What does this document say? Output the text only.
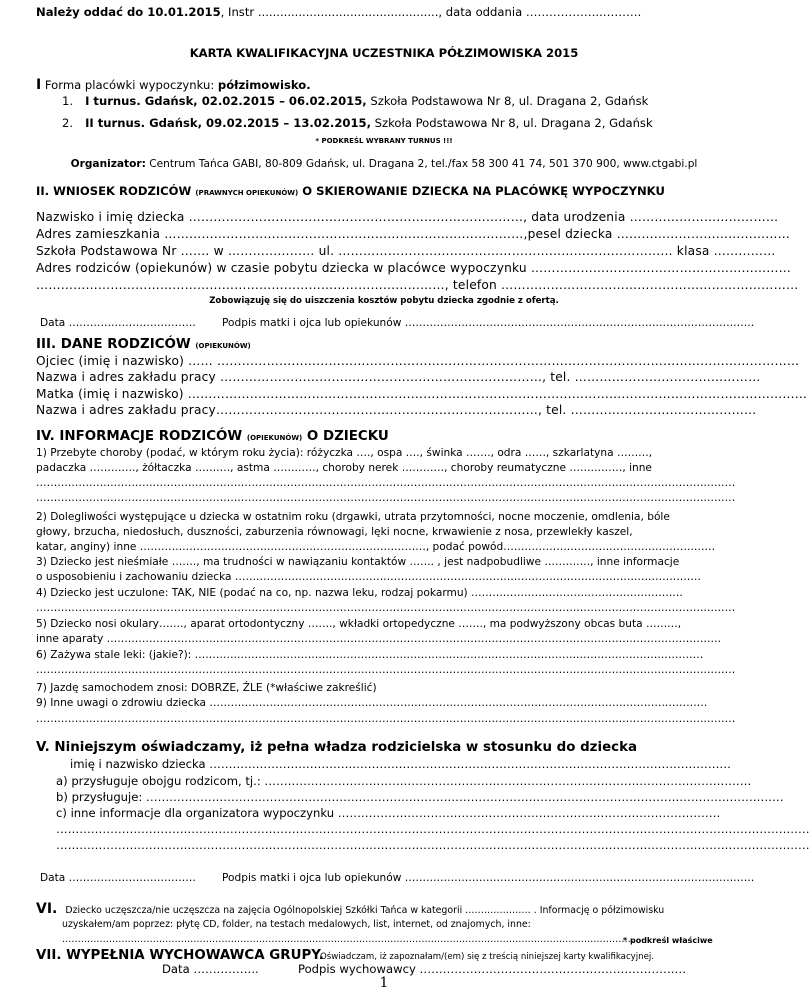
Należy oddać do 10.01.2015, Instr ................................................., data oddania ………………..……….
KARTA KWALIFIKACYJNA UCZESTNIKA PÓŁZIMOWISKA 2015
I Forma placówki wypoczynku: półzimowisko.
1. I turnus. Gdańsk, 02.02.2015 – 06.02.2015, Szkoła Podstawowa Nr 8, ul. Dragana 2, Gdańsk
2. II turnus. Gdańsk, 09.02.2015 – 13.02.2015, Szkoła Podstawowa Nr 8, ul. Dragana 2, Gdańsk
* PODKREŚL WYBRANY TURNUS !!!
Organizator: Centrum Tańca GABI, 80-809 Gdańsk, ul. Dragana 2, tel./fax 58 300 41 74, 501 370 900, www.ctgabi.pl
II. WNIOSEK RODZICÓW (PRAWNYCH OPIEKUNÓW) O SKIEROWANIE DZIECKA NA PLACÓWKĘ WYPOCZYNKU
Nazwisko i imię dziecka ………………………………………………………………………, data urodzenia ………………………………
Adres zamieszkania ……………………………………………………………………………,pesel dziecka ……………………………………
Szkoła Podstawowa Nr ……. w ………………… ul. ……………………………………………………………………… klasa ……………
Adres rodziców (opiekunów) w czasie pobytu dziecka w placówce wypoczynku ………………………………………………………
………………………………………………………………………………………, telefon ………………………………………………………………
Zobowiązuję się do uiszczenia kosztów pobytu dziecka zgodnie z ofertą.
Data ……………………………… Podpis matki i ojca lub opiekunów ………………………………………………………………………………………
III. DANE RODZICÓW (OPIEKUNÓW)
Ojciec (imię i nazwisko) …… ……………………………………………………………………………………………………………………………
Nazwa i adres zakładu pracy ……………………………………………………………………, tel. ………………………………………
Matka (imię i nazwisko) ……………………………………………………………………………………………………………………………………
Nazwa i adres zakładu pracy……………………………………………………………………, tel. ………………………………………
IV. INFORMACJE RODZICÓW (OPIEKUNÓW) O DZIECKU
1) Przebyte choroby (podać, w którym roku życia): różyczka …., ospa …., świnka ……., odra ……, szkarlatyna ………,
padaczka …………., żółtaczka ………., astma …………, choroby nerek …………, choroby reumatyczne ……………, inne
………………………………………………………………………………………………………………………………………………………………………………
………………………………………………………………………………………………………………………………………………………………………………
2) Dolegliwości występujące u dziecka w ostatnim roku (drgawki, utrata przytomności, nocne moczenie, omdlenia, bóle
głowy, brzucha, niedosłuch, duszności, zaburzenia równowagi, lęki nocne, krwawienie z nosa, przewlekły kaszel,
katar, anginy) inne ………………………………………………………………………, podać powód……………………………………………………
3) Dziecko jest nieśmiałe ……., ma trudności w nawiązaniu kontaktów ……. , jest nadpobudliwe …………., inne informacje
o usposobieniu i zachowaniu dziecka ……………………………………………………………………………………………………………………
4) Dziecko jest uczulone: TAK, NIE (podać na co, np. nazwa leku, rodzaj pokarmu) ……………………………………………………
………………………………………………………………………………………………………………………………………………………………………………
5) Dziecko nosi okulary……., aparat ortodontyczny ……., wkładki ortopedyczne ……., ma podwyższony obcas buta ………,
inne aparaty …………………………………………………………………………………………………………………………………………………………
6) Zażywa stale leki: (jakie?): ………………………………………………………………………………………………………………………………
………………………………………………………………………………………………………………………………………………………………………………
7) Jazdę samochodem znosi: DOBRZE, ŹLE (*właściwe zakreślić)
9) Inne uwagi o zdrowiu dziecka ……………………………………………………………………………………………………………………………
………………………………………………………………………………………………………………………………………………………………………………
V. Niniejszym oświadczamy, iż pełna władza rodzicielska w stosunku do dziecka
imię i nazwisko dziecka ………………………………………………………………………………………………………………………
a) przysługuje obojgu rodzicom, tj.: ………………………………………………………………………………………………………………
b) przysługuje: …………………………………………………………………………………………………………………………………………………
c) inne informacje dla organizatora wypoczynku ………………………………………………………………………………………
……………………………………………………………………………………………………………………………………………………………………………
……………………………………………………………………………………………………………………………………………………………………………
Data ……………………………… Podpis matki i ojca lub opiekunów ………………………………………………………………………………………
VI. Dziecko uczęszcza/nie uczęszcza na zajęcia Ogólnopolskiej Szkółki Tańca w kategorii ………………… . Informację o półzimowisku
uzyskałem/am poprzez: płytę CD, folder, na testach medalowych, list, internet, od znajomych, inne:
…………………………………………………………………………………………………………………………………………………………………
* podkreśl właściwe
VII. WYPEŁNIA WYCHOWAWCA GRUPY.
Oświadczam, iż zapoznałam/(em) się z treścią niniejszej karty kwalifikacyjnej.
Data ……………..	Podpis wychowawcy ……………………………………………………………
1
